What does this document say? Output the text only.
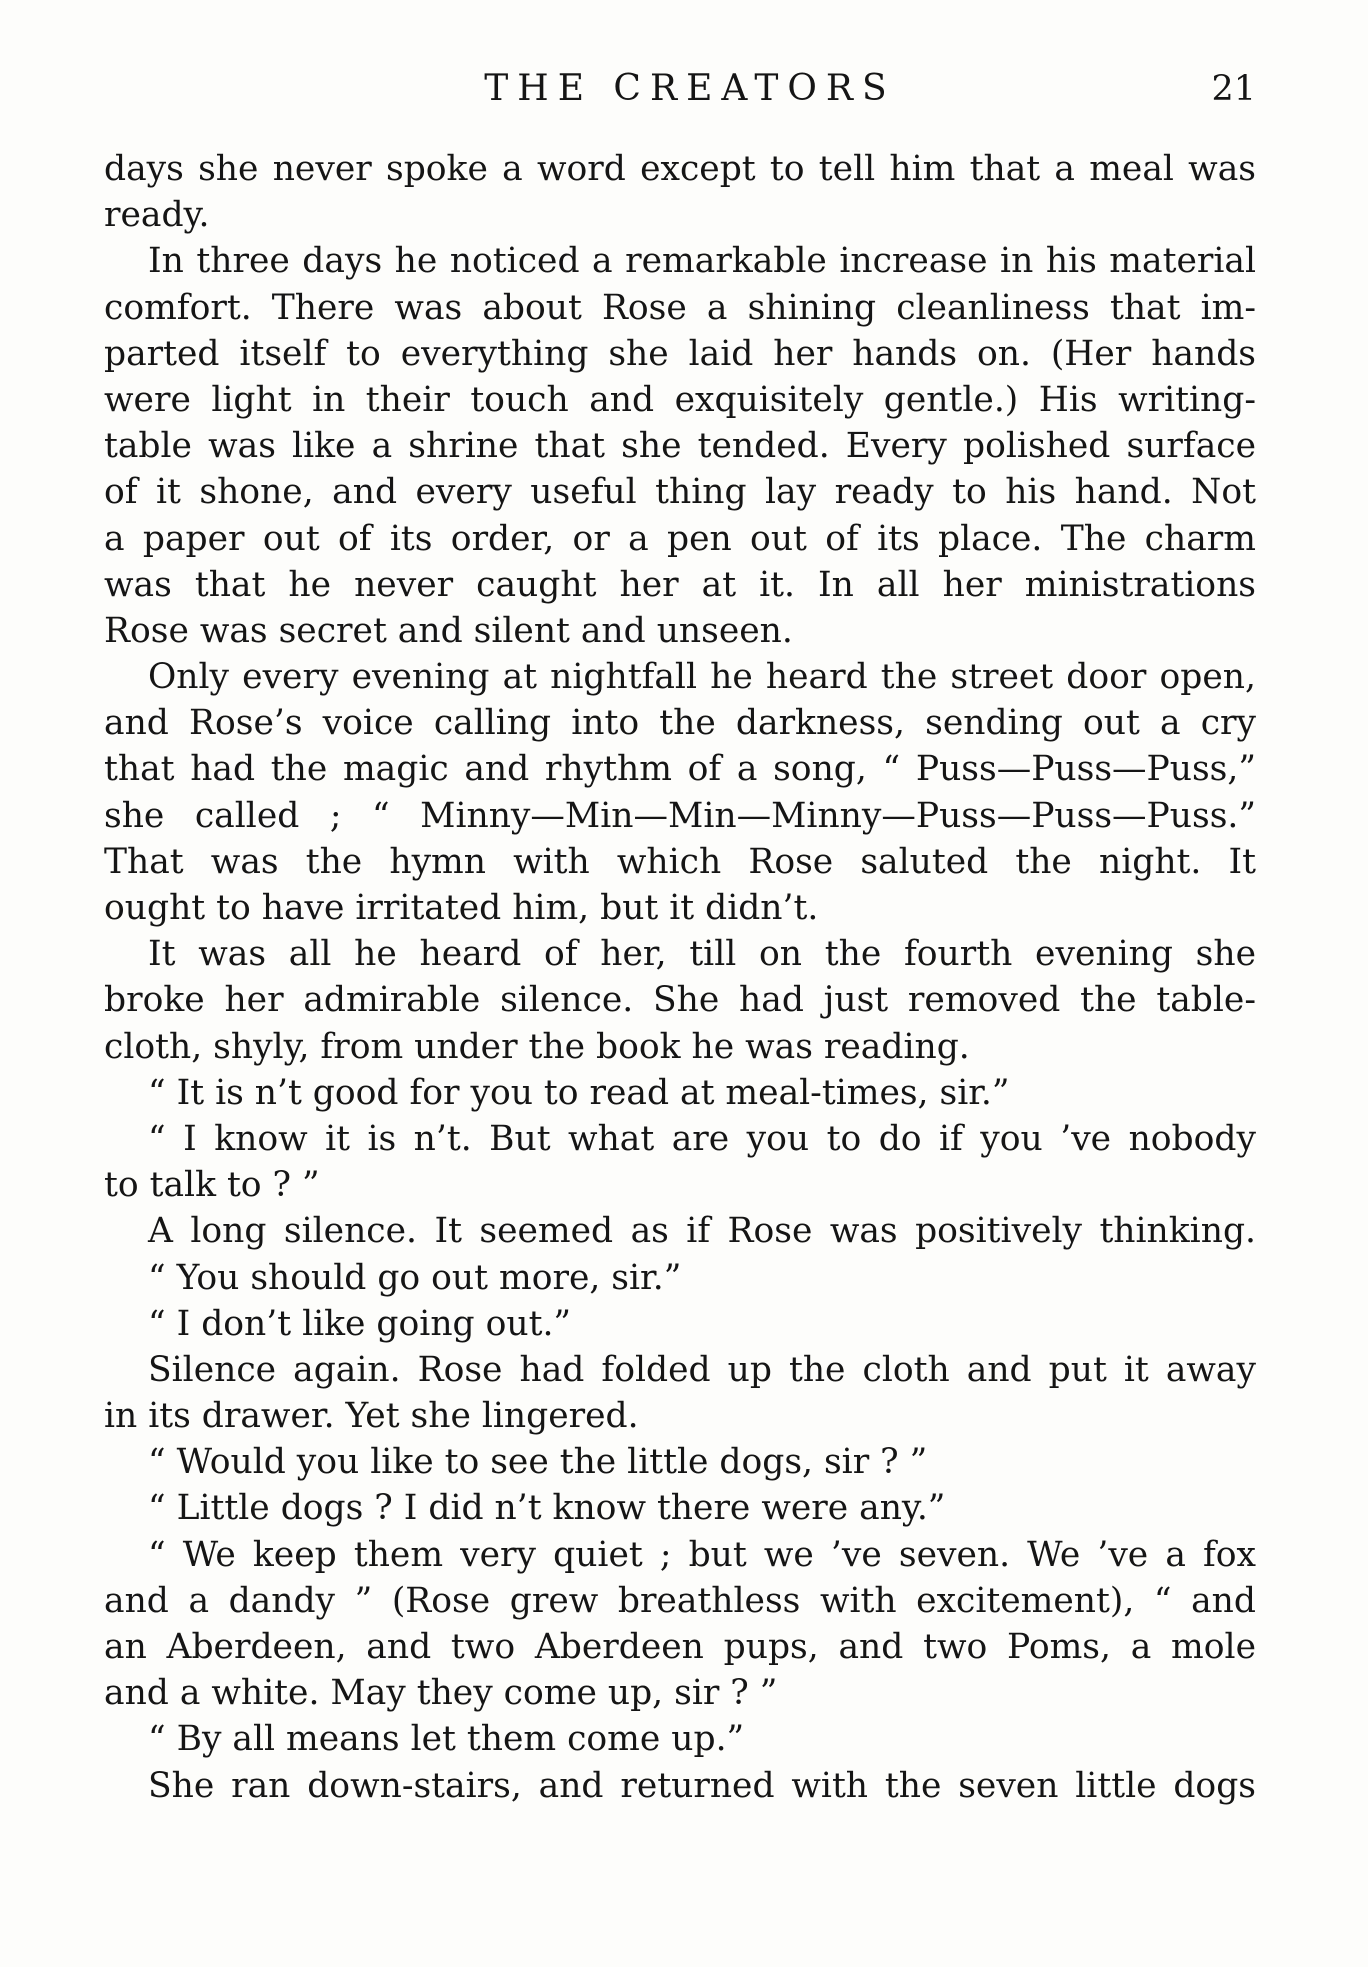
THE CREATORS	21
days she never spoke a word except to tell him that a meal was
ready.
In three days he noticed a remarkable increase in his material
comfort. There was about Rose a shining cleanliness that im-
parted itself to everything she laid her hands on. (Her hands
were light in their touch and exquisitely gentle.) His writing-
table was like a shrine that she tended. Every polished surface
of it shone, and every useful thing lay ready to his hand. Not
a paper out of its order, or a pen out of its place. The charm
was that he never caught her at it. In all her ministrations
Rose was secret and silent and unseen.
Only every evening at nightfall he heard the street door open,
and Rose’s voice calling into the darkness, sending out a cry
that had the magic and rhythm of a song, “ Puss—Puss—Puss,”
she called ; “ Minny—Min—Min—Minny—Puss—Puss—Puss.”
That was the hymn with which Rose saluted the night. It
ought to have irritated him, but it didn’t.
It was all he heard of her, till on the fourth evening she
broke her admirable silence. She had just removed the table-
cloth, shyly, from under the book he was reading.
“ It is n’t good for you to read at meal-times, sir.”
“ I know it is n’t. But what are you to do if you ’ve nobody
to talk to ? ”
A long silence. It seemed as if Rose was positively thinking.
“ You should go out more, sir.”
“ I don’t like going out.”
Silence again. Rose had folded up the cloth and put it away
in its drawer. Yet she lingered.
“ Would you like to see the little dogs, sir ? ”
“ Little dogs ? I did n’t know there were any.”
“ We keep them very quiet ; but we ’ve seven. We ’ve a fox
and a dandy ” (Rose grew breathless with excitement), “ and
an Aberdeen, and two Aberdeen pups, and two Poms, a mole
and a white. May they come up, sir ? ”
“ By all means let them come up.”
She ran down-stairs, and returned with the seven little dogs
